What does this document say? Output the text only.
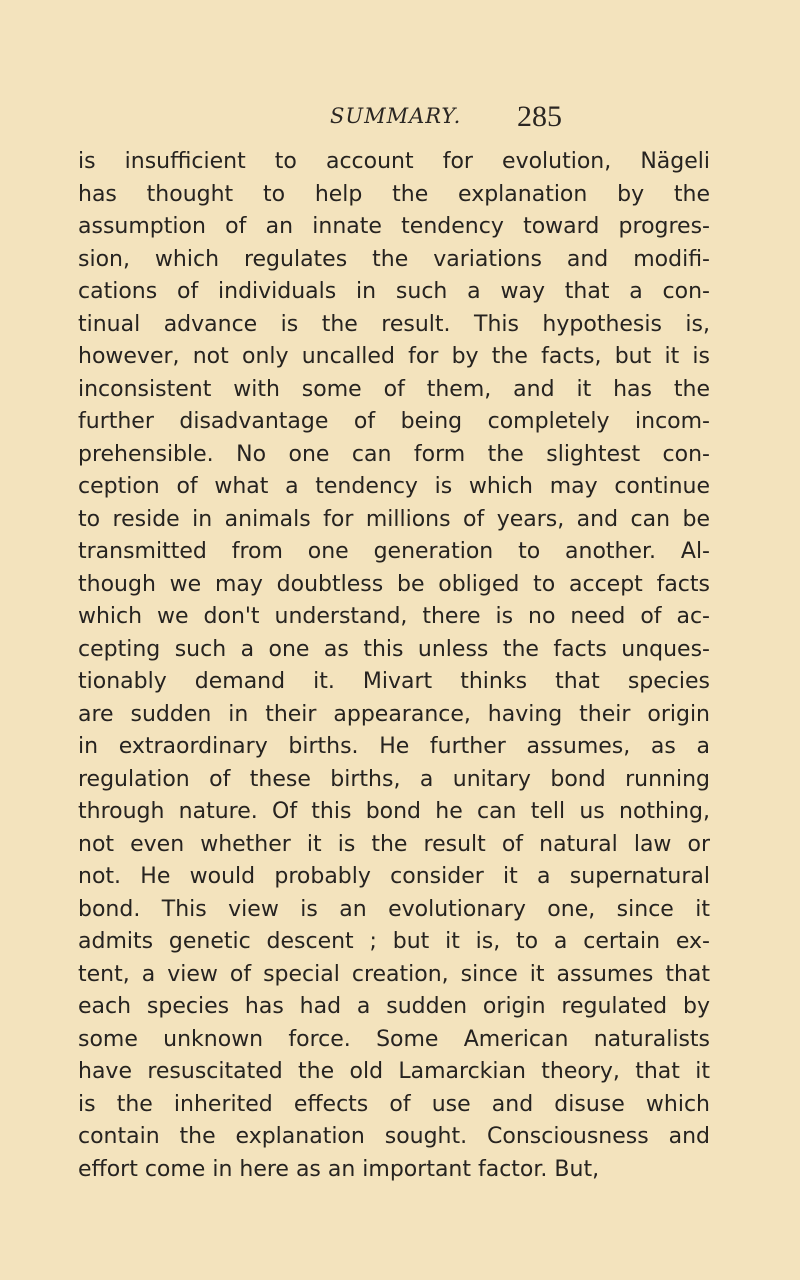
SUMMARY. 285
is insufficient to account for evolution, Nägeli
has thought to help the explanation by the
assumption of an innate tendency toward progres-
sion, which regulates the variations and modifi-
cations of individuals in such a way that a con-
tinual advance is the result. This hypothesis is,
however, not only uncalled for by the facts, but it is
inconsistent with some of them, and it has the
further disadvantage of being completely incom-
prehensible. No one can form the slightest con-
ception of what a tendency is which may continue
to reside in animals for millions of years, and can be
transmitted from one generation to another. Al-
though we may doubtless be obliged to accept facts
which we don't understand, there is no need of ac-
cepting such a one as this unless the facts unques-
tionably demand it. Mivart thinks that species
are sudden in their appearance, having their origin
in extraordinary births. He further assumes, as a
regulation of these births, a unitary bond running
through nature. Of this bond he can tell us nothing,
not even whether it is the result of natural law or
not. He would probably consider it a supernatural
bond. This view is an evolutionary one, since it
admits genetic descent ; but it is, to a certain ex-
tent, a view of special creation, since it assumes that
each species has had a sudden origin regulated by
some unknown force. Some American naturalists
have resuscitated the old Lamarckian theory, that it
is the inherited effects of use and disuse which
contain the explanation sought. Consciousness and
effort come in here as an important factor. But,
